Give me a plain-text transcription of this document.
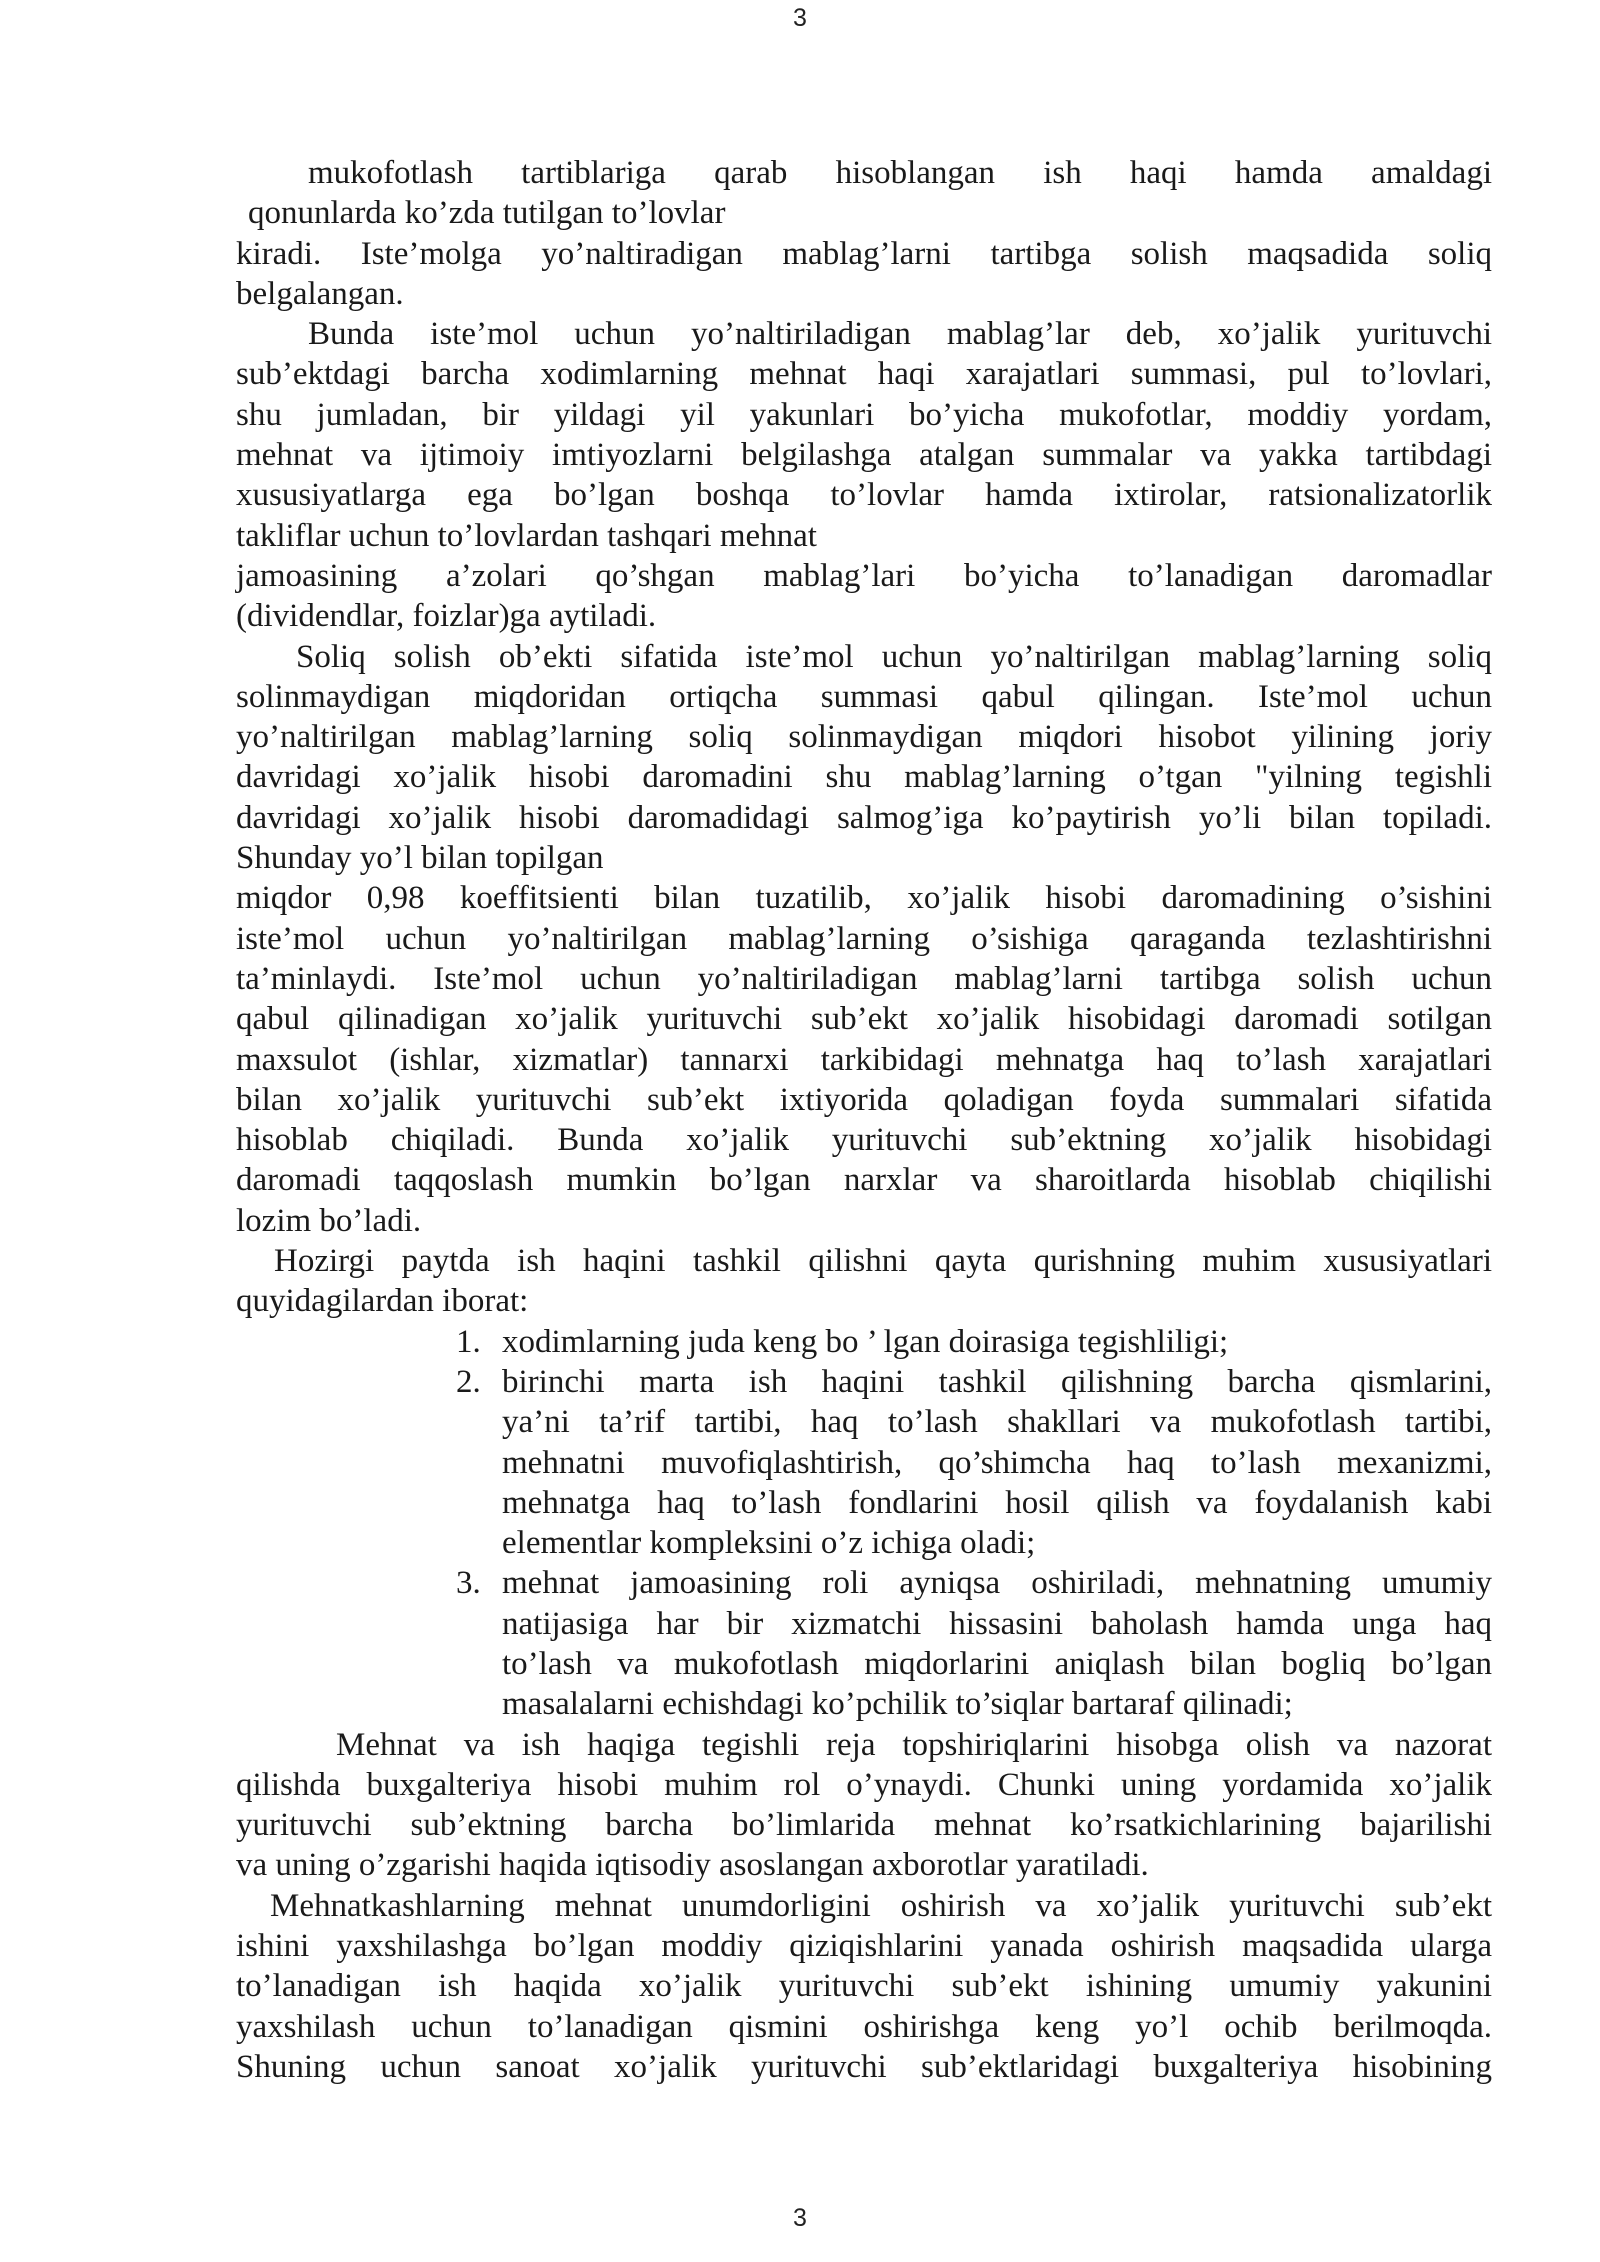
3
mukofotlash tartiblariga qarab hisoblangan ish haqi hamda amaldagi
qonunlarda ko’zda tutilgan to’lovlar
kiradi. Iste’molga yo’naltiradigan mablag’larni tartibga solish maqsadida soliq
belgalangan.
Bunda iste’mol uchun yo’naltiriladigan mablag’lar deb, xo’jalik yurituvchi
sub’ektdagi barcha xodimlarning mehnat haqi xarajatlari summasi, pul to’lovlari,
shu jumladan, bir yildagi yil yakunlari bo’yicha mukofotlar, moddiy yordam,
mehnat va ijtimoiy imtiyozlarni belgilashga atalgan summalar va yakka tartibdagi
xususiyatlarga ega bo’lgan boshqa to’lovlar hamda ixtirolar, ratsionalizatorlik
takliflar uchun to’lovlardan tashqari mehnat
jamoasining a’zolari qo’shgan mablag’lari bo’yicha to’lanadigan daromadlar
(dividendlar, foizlar)ga aytiladi.
Soliq solish ob’ekti sifatida iste’mol uchun yo’naltirilgan mablag’larning soliq
solinmaydigan miqdoridan ortiqcha summasi qabul qilingan. Iste’mol uchun
yo’naltirilgan mablag’larning soliq solinmaydigan miqdori hisobot yilining joriy
davridagi xo’jalik hisobi daromadini shu mablag’larning o’tgan "yilning tegishli
davridagi xo’jalik hisobi daromadidagi salmog’iga ko’paytirish yo’li bilan topiladi.
Shunday yo’l bilan topilgan
miqdor 0,98 koeffitsienti bilan tuzatilib, xo’jalik hisobi daromadining o’sishini
iste’mol uchun yo’naltirilgan mablag’larning o’sishiga qaraganda tezlashtirishni
ta’minlaydi. Iste’mol uchun yo’naltiriladigan mablag’larni tartibga solish uchun
qabul qilinadigan xo’jalik yurituvchi sub’ekt xo’jalik hisobidagi daromadi sotilgan
maxsulot (ishlar, xizmatlar) tannarxi tarkibidagi mehnatga haq to’lash xarajatlari
bilan xo’jalik yurituvchi sub’ekt ixtiyorida qoladigan foyda summalari sifatida
hisoblab chiqiladi. Bunda xo’jalik yurituvchi sub’ektning xo’jalik hisobidagi
daromadi taqqoslash mumkin bo’lgan narxlar va sharoitlarda hisoblab chiqilishi
lozim bo’ladi.
Hozirgi paytda ish haqini tashkil qilishni qayta qurishning muhim xususiyatlari
quyidagilardan iborat:
1. xodimlarning juda keng bo ’ lgan doirasiga tegishliligi;
2. birinchi marta ish haqini tashkil qilishning barcha qismlarini,
ya’ni ta’rif tartibi, haq to’lash shakllari va mukofotlash tartibi,
mehnatni muvofiqlashtirish, qo’shimcha haq to’lash mexanizmi,
mehnatga haq to’lash fondlarini hosil qilish va foydalanish kabi
elementlar kompleksini o’z ichiga oladi;
3. mehnat jamoasining roli ayniqsa oshiriladi, mehnatning umumiy
natijasiga har bir xizmatchi hissasini baholash hamda unga haq
to’lash va mukofotlash miqdorlarini aniqlash bilan bogliq bo’lgan
masalalarni echishdagi ko’pchilik to’siqlar bartaraf qilinadi;
Mehnat va ish haqiga tegishli reja topshiriqlarini hisobga olish va nazorat
qilishda buxgalteriya hisobi muhim rol o’ynaydi. Chunki uning yordamida xo’jalik
yurituvchi sub’ektning barcha bo’limlarida mehnat ko’rsatkichlarining bajarilishi
va uning o’zgarishi haqida iqtisodiy asoslangan axborotlar yaratiladi.
Mehnatkashlarning mehnat unumdorligini oshirish va xo’jalik yurituvchi sub’ekt
ishini yaxshilashga bo’lgan moddiy qiziqishlarini yanada oshirish maqsadida ularga
to’lanadigan ish haqida xo’jalik yurituvchi sub’ekt ishining umumiy yakunini
yaxshilash uchun to’lanadigan qismini oshirishga keng yo’l ochib berilmoqda.
Shuning uchun sanoat xo’jalik yurituvchi sub’ektlaridagi buxgalteriya hisobining
3
